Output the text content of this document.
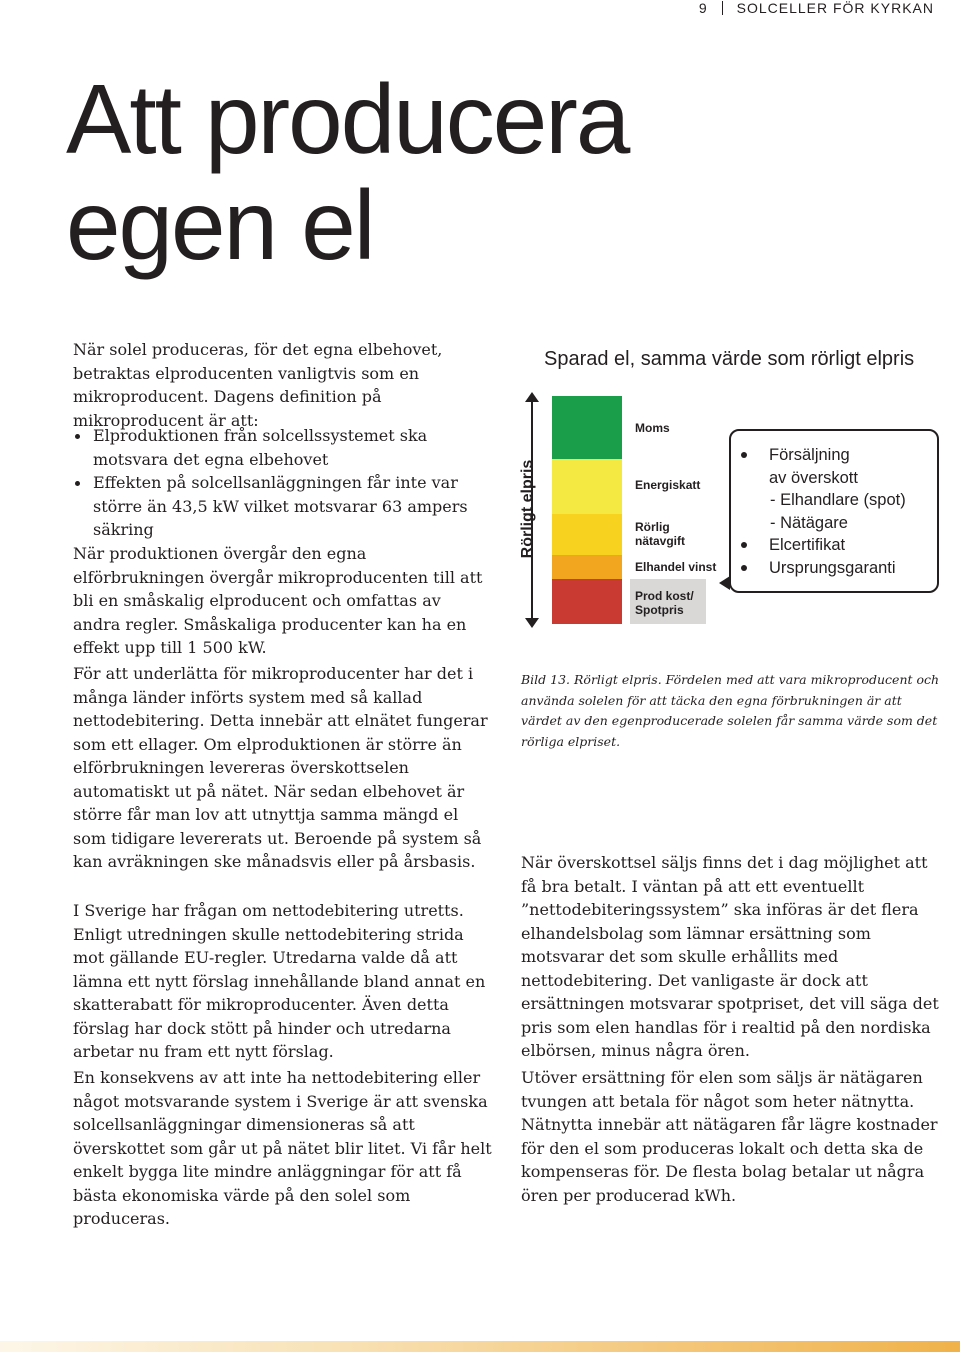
9 SOLCELLER FÖR KYRKAN
Att producera
egen el
När solel produceras, för det egna elbehovet, betraktas elproducenten vanligtvis som en mikroproducent. Dagens definition på mikroproducent är att:
Elproduktionen från solcellssystemet ska motsvara det egna elbehovet
Effekten på solcellsanläggningen får inte var större än 43,5 kW vilket motsvarar 63 ampers säkring
När produktionen övergår den egna elförbrukningen övergår mikroproducenten till att bli en småskalig elproducent och omfattas av andra regler. Småskaliga producenter kan ha en effekt upp till 1 500 kW.
För att underlätta för mikroproducenter har det i många länder införts system med så kallad nettodebitering. Detta innebär att elnätet fungerar som ett ellager. Om elproduktionen är större än elförbrukningen levereras överskottselen automatiskt ut på nätet. När sedan elbehovet är större får man lov att utnyttja samma mängd el som tidigare levererats ut. Beroende på system så kan avräkningen ske månadsvis eller på årsbasis.
I Sverige har frågan om nettodebitering utretts. Enligt utredningen skulle nettodebitering strida mot gällande EU-regler. Utredarna valde då att lämna ett nytt förslag innehållande bland annat en skatterabatt för mikroproducenter. Även detta förslag har dock stött på hinder och utredarna arbetar nu fram ett nytt förslag.
En konsekvens av att inte ha nettodebitering eller något motsvarande system i Sverige är att svenska solcellsanläggningar dimensioneras så att överskottet som går ut på nätet blir litet. Vi får helt enkelt bygga lite mindre anläggningar för att få bästa ekonomiska värde på den solel som produceras.
Sparad el, samma värde som rörligt elpris
Rörligt elpris
Moms
Energiskatt
Rörlig nätavgift
Elhandel vinst
Prod kost/ Spotpris
Försäljning
av överskott
- Elhandlare (spot)
- Nätägare
Elcertifikat
Ursprungsgaranti
Bild 13. Rörligt elpris. Fördelen med att vara mikroproducent och använda solelen för att täcka den egna förbrukningen är att värdet av den egenproducerade solelen får samma värde som det rörliga elpriset.
När överskottsel säljs finns det i dag möjlighet att få bra betalt. I väntan på att ett eventuellt ”nettodebiteringssystem” ska införas är det flera elhandelsbolag som lämnar ersättning som motsvarar det som skulle erhållits med nettodebitering. Det vanligaste är dock att ersättningen motsvarar spotpriset, det vill säga det pris som elen handlas för i realtid på den nordiska elbörsen, minus några ören.
Utöver ersättning för elen som säljs är nätägaren tvungen att betala för något som heter nätnytta. Nätnytta innebär att nätägaren får lägre kostnader för den el som produceras lokalt och detta ska de kompenseras för. De flesta bolag betalar ut några ören per producerad kWh.
